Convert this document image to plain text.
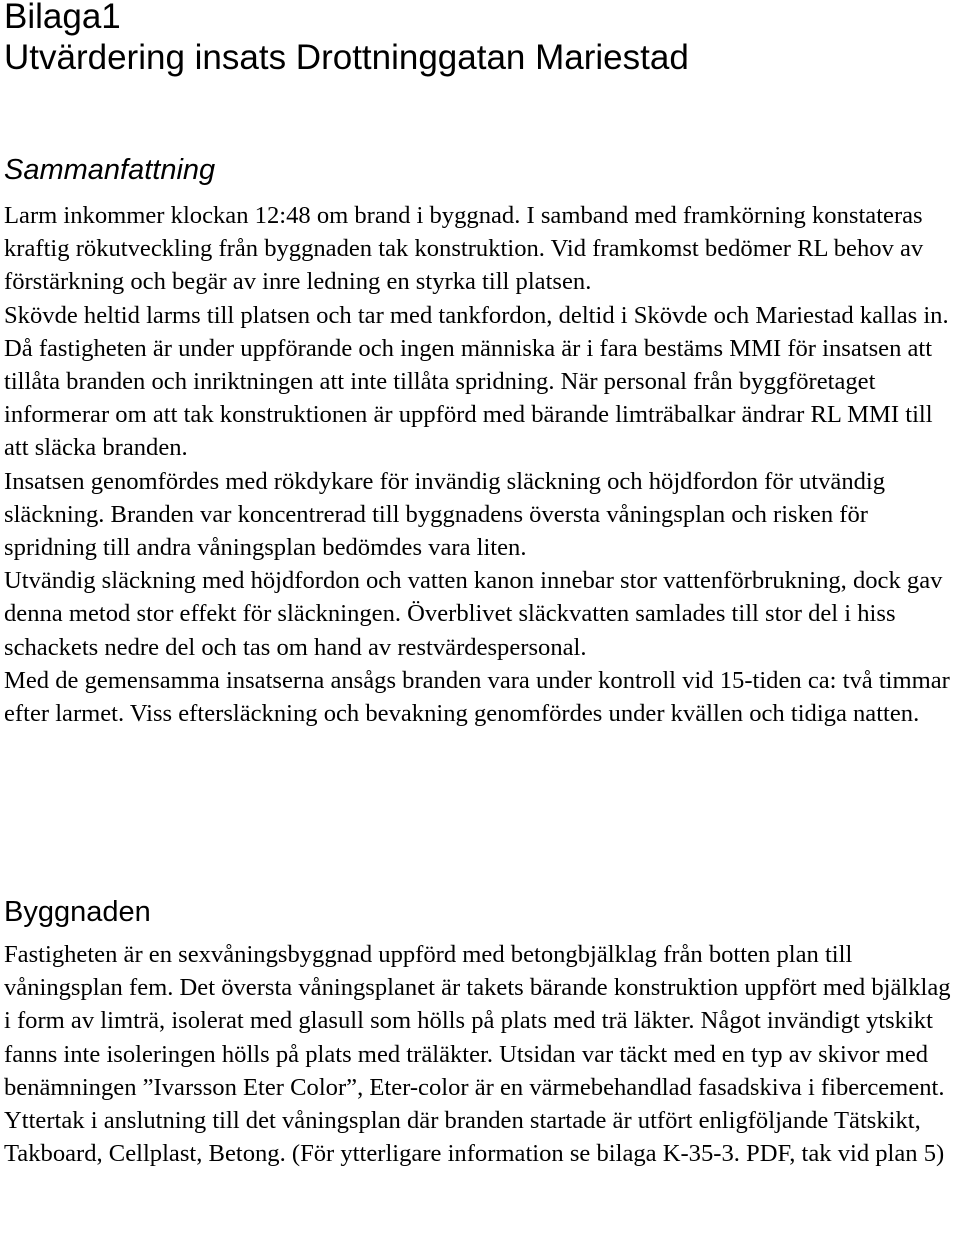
Bilaga1
Utvärdering insats Drottninggatan Mariestad
Sammanfattning

Larm inkommer klockan 12:48 om brand i byggnad. I samband med framkörning konstateras kraftig rökutveckling från byggnaden tak konstruktion. Vid framkomst bedömer RL behov av förstärkning och begär av inre ledning en styrka till platsen.

Skövde heltid larms till platsen och tar med tankfordon, deltid i Skövde och Mariestad kallas in.

Då fastigheten är under uppförande och ingen människa är i fara bestäms MMI för insatsen att tillåta branden och inriktningen att inte tillåta spridning. När personal från byggföretaget informerar om att tak konstruktionen är uppförd med bärande limträbalkar ändrar RL MMI till att släcka branden.

Insatsen genomfördes med rökdykare för invändig släckning och höjdfordon för utvändig släckning. Branden var koncentrerad till byggnadens översta våningsplan och risken för spridning till andra våningsplan bedömdes vara liten.

Utvändig släckning med höjdfordon och vatten kanon innebar stor vattenförbrukning, dock gav denna metod stor effekt för släckningen. Överblivet släckvatten samlades till stor del i hiss schackets nedre del och tas om hand av restvärdespersonal.

Med de gemensamma insatserna ansågs branden vara under kontroll vid 15-tiden ca: två timmar efter larmet. Viss eftersläckning och bevakning genomfördes under kvällen och tidiga natten.

Byggnaden

Fastigheten är en sexvåningsbyggnad uppförd med betongbjälklag från botten plan till våningsplan fem. Det översta våningsplanet är takets bärande konstruktion uppfört med bjälklag i form av limträ, isolerat med glasull som hölls på plats med trä läkter. Något invändigt ytskikt fanns inte isoleringen hölls på plats med träläkter. Utsidan var täckt med en typ av skivor med benämningen ”Ivarsson Eter Color”, Eter-color är en värmebehandlad fasadskiva i fibercement. Yttertak i anslutning till det våningsplan där branden startade är utfört enligföljande Tätskikt, Takboard, Cellplast, Betong. (För ytterligare information se bilaga K-35-3. PDF, tak vid plan 5)
